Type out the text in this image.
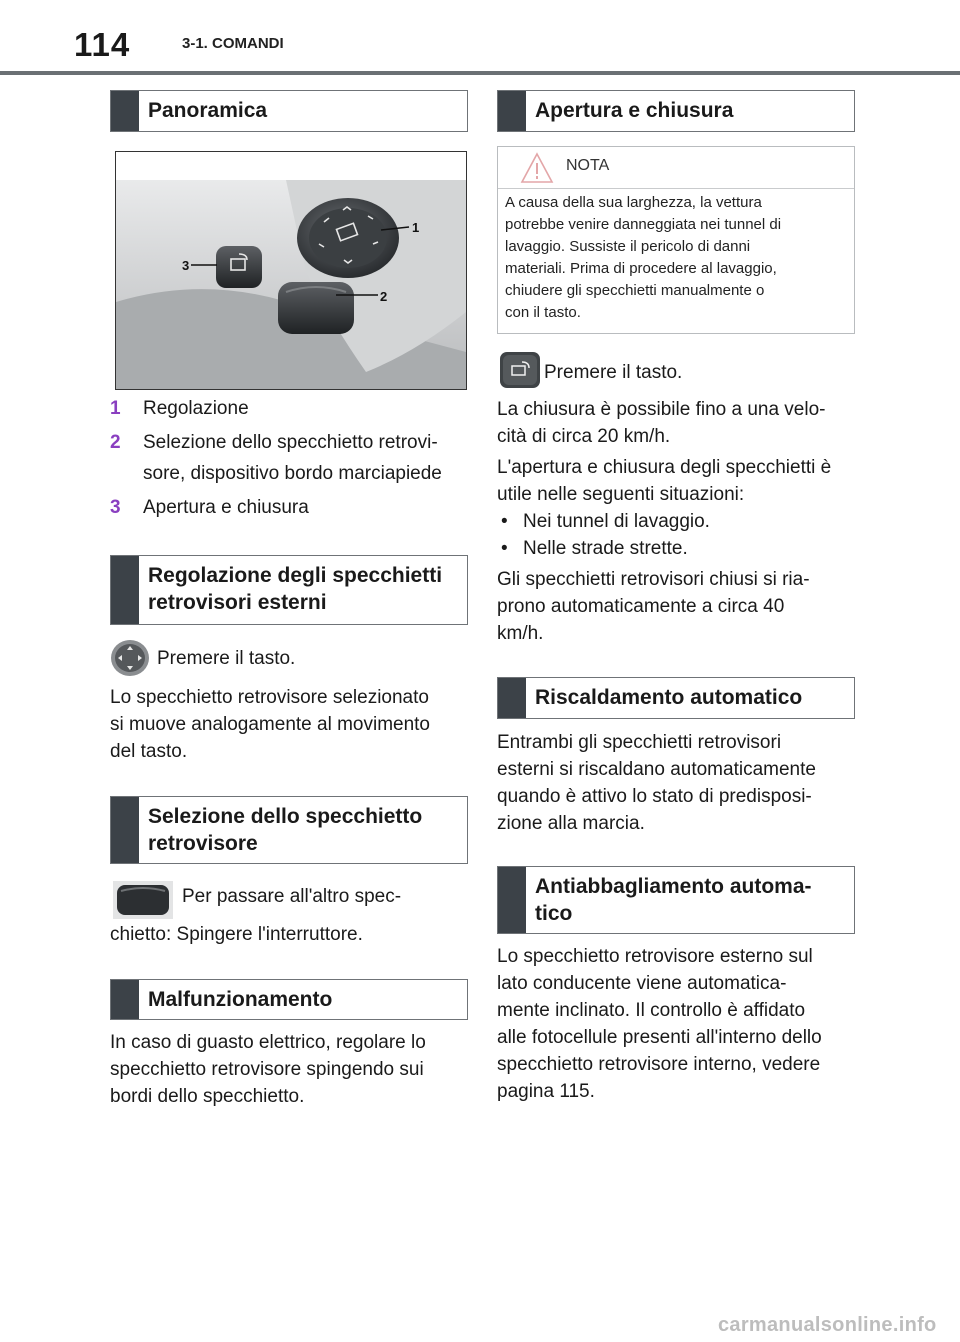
114	3-1. COMANDI
Panoramica
1
3
2
1 Regolazione
2 Selezione dello specchietto retrovi-
sore, dispositivo bordo marciapiede
3 Apertura e chiusura
Regolazione degli specchietti
retrovisori esterni
Premere il tasto.
Lo specchietto retrovisore selezionato
si muove analogamente al movimento
del tasto.
Selezione dello specchietto
retrovisore
Per passare all'altro spec-
chietto: Spingere l'interruttore.
Malfunzionamento
In caso di guasto elettrico, regolare lo
specchietto retrovisore spingendo sui
bordi dello specchietto.
Apertura e chiusura
NOTA
A causa della sua larghezza, la vettura
potrebbe venire danneggiata nei tunnel di
lavaggio. Sussiste il pericolo di danni
materiali. Prima di procedere al lavaggio,
chiudere gli specchietti manualmente o
con il tasto.
Premere il tasto.
La chiusura è possibile fino a una velo-
cità di circa 20 km/h.
L'apertura e chiusura degli specchietti è
utile nelle seguenti situazioni:
• Nei tunnel di lavaggio.
• Nelle strade strette.
Gli specchietti retrovisori chiusi si ria-
prono automaticamente a circa 40
km/h.
Riscaldamento automatico
Entrambi gli specchietti retrovisori
esterni si riscaldano automaticamente
quando è attivo lo stato di predisposi-
zione alla marcia.
Antiabbagliamento automa-
tico
Lo specchietto retrovisore esterno sul
lato conducente viene automatica-
mente inclinato. Il controllo è affidato
alle fotocellule presenti all'interno dello
specchietto retrovisore interno, vedere
pagina 115.
carmanualsonline.info
